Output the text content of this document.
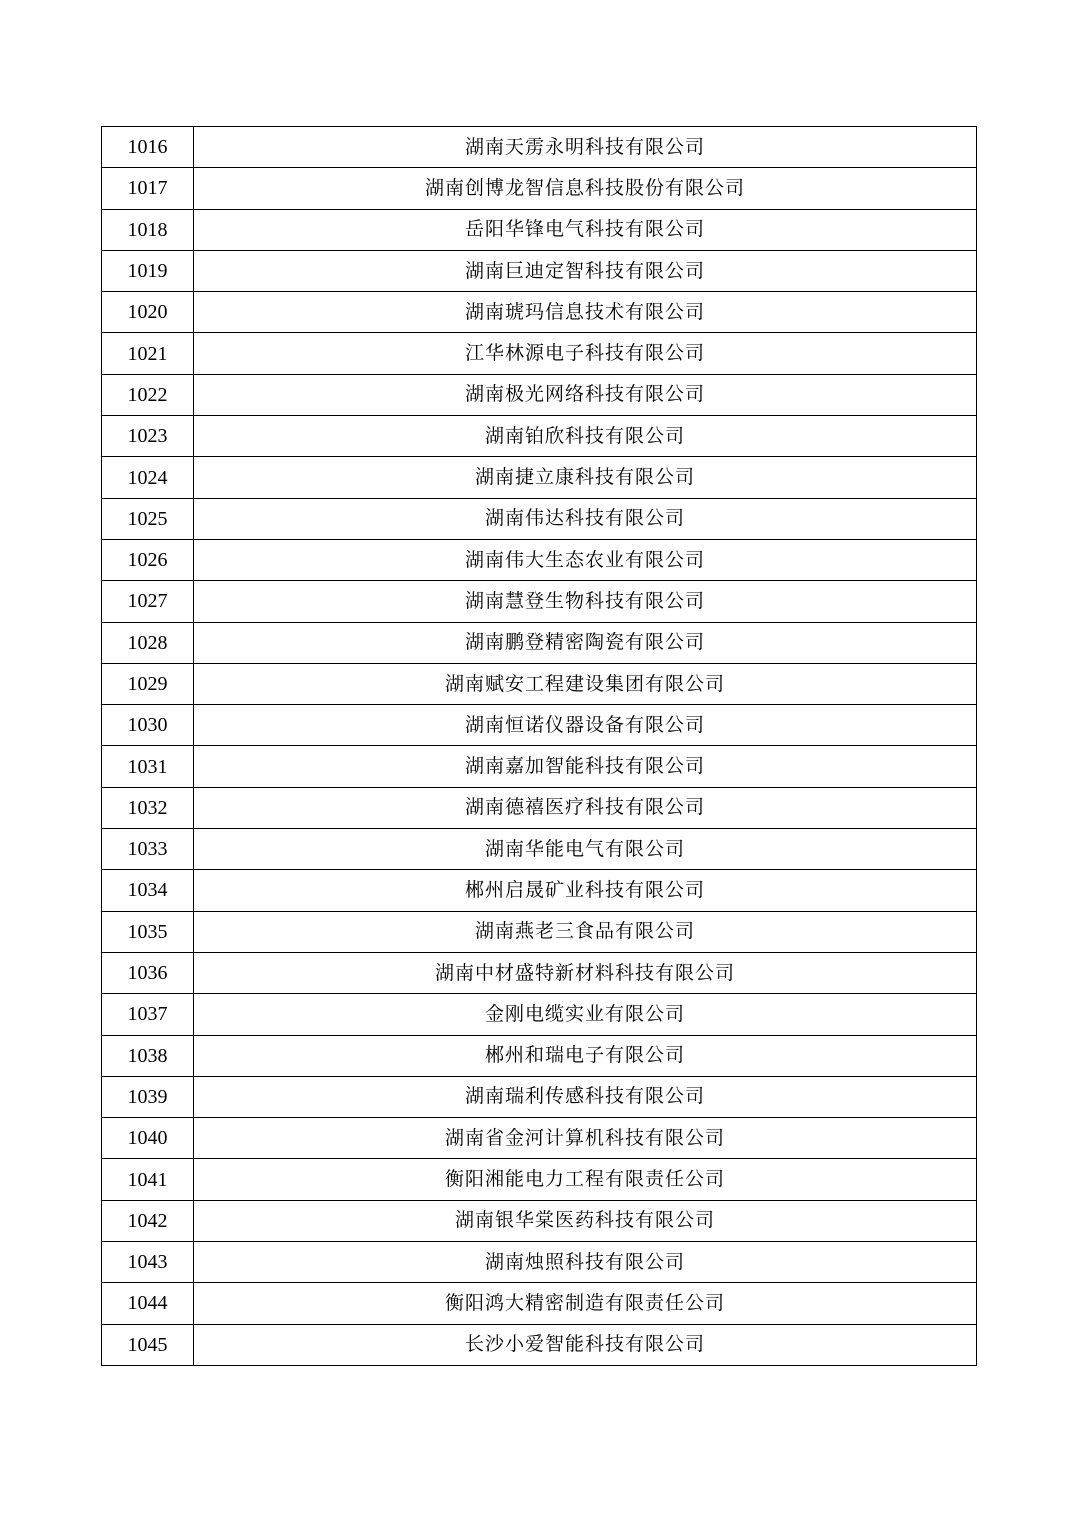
1016	湖南天雳永明科技有限公司
1017	湖南创博龙智信息科技股份有限公司
1018	岳阳华锋电气科技有限公司
1019	湖南巨迪定智科技有限公司
1020	湖南琥玛信息技术有限公司
1021	江华林源电子科技有限公司
1022	湖南极光网络科技有限公司
1023	湖南铂欣科技有限公司
1024	湖南捷立康科技有限公司
1025	湖南伟达科技有限公司
1026	湖南伟大生态农业有限公司
1027	湖南慧登生物科技有限公司
1028	湖南鹏登精密陶瓷有限公司
1029	湖南赋安工程建设集团有限公司
1030	湖南恒诺仪器设备有限公司
1031	湖南嘉加智能科技有限公司
1032	湖南德禧医疗科技有限公司
1033	湖南华能电气有限公司
1034	郴州启晟矿业科技有限公司
1035	湖南燕老三食品有限公司
1036	湖南中材盛特新材料科技有限公司
1037	金刚电缆实业有限公司
1038	郴州和瑞电子有限公司
1039	湖南瑞利传感科技有限公司
1040	湖南省金河计算机科技有限公司
1041	衡阳湘能电力工程有限责任公司
1042	湖南银华棠医药科技有限公司
1043	湖南烛照科技有限公司
1044	衡阳鸿大精密制造有限责任公司
1045	长沙小爱智能科技有限公司
